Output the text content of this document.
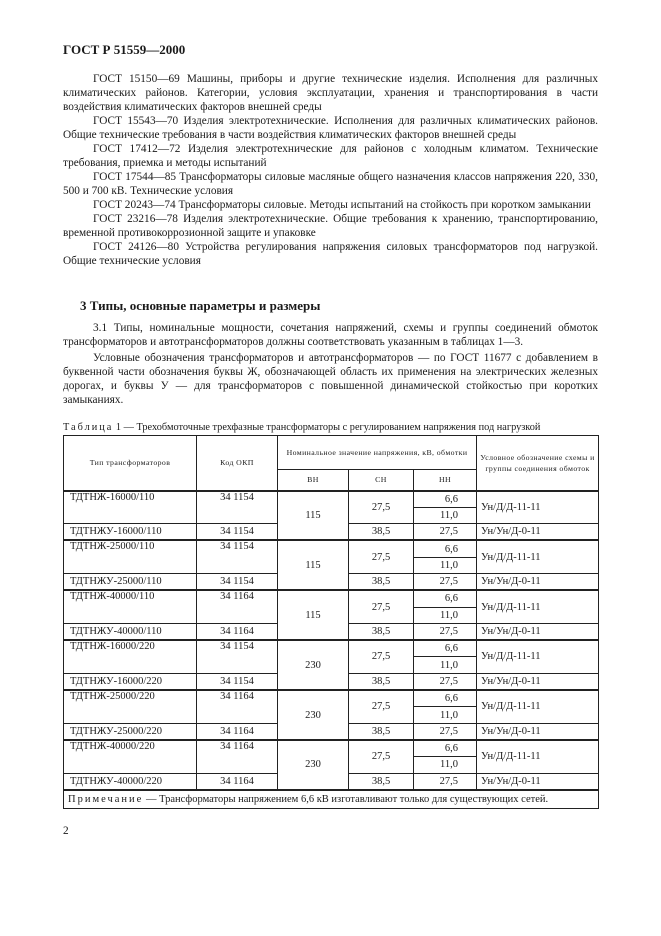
ГОСТ Р 51559—2000

ГОСТ 15150—69 Машины, приборы и другие технические изделия. Исполнения для различных климатических районов. Категории, условия эксплуатации, хранения и транспортирования в части воздействия климатических факторов внешней среды

ГОСТ 15543—70 Изделия электротехнические. Исполнения для различных климатических районов. Общие технические требования в части воздействия климатических факторов внешней среды

ГОСТ 17412—72 Изделия электротехнические для районов с холодным климатом. Технические требования, приемка и методы испытаний

ГОСТ 17544—85 Трансформаторы силовые масляные общего назначения классов напряжения 220, 330, 500 и 700 кВ. Технические условия

ГОСТ 20243—74 Трансформаторы силовые. Методы испытаний на стойкость при коротком замыкании

ГОСТ 23216—78 Изделия электротехнические. Общие требования к хранению, транспортированию, временной противокоррозионной защите и упаковке

ГОСТ 24126—80 Устройства регулирования напряжения силовых трансформаторов под нагрузкой. Общие технические условия

3 Типы, основные параметры и размеры

3.1 Типы, номинальные мощности, сочетания напряжений, схемы и группы соединений обмоток трансформаторов и автотрансформаторов должны соответствовать указанным в таблицах 1—3.

Условные обозначения трансформаторов и автотрансформаторов — по ГОСТ 11677 с добавлением в буквенной части обозначения буквы Ж, обозначающей область их применения на электрических железных дорогах, и буквы У — для трансформаторов с повышенной динамической стойкостью при коротких замыканиях.

Таблица 1 — Трехобмоточные трехфазные трансформаторы с регулированием напряжения под нагрузкой
Тип трансформаторов	Код ОКП	Номинальное значение напряжения, кВ, обмотки			Условное обозначение схемы и группы соединения обмоток
		ВН	СН	НН	
ТДТНЖ-16000/110	34 1154	115	27,5	6,6	Ун/Д/Д-11-11
				11,0	
ТДТНЖУ-16000/110	34 1154		38,5	27,5	Ун/Ун/Д-0-11
ТДТНЖ-25000/110	34 1154	115	27,5	6,6	Ун/Д/Д-11-11
				11,0	
ТДТНЖУ-25000/110	34 1154		38,5	27,5	Ун/Ун/Д-0-11
ТДТНЖ-40000/110	34 1164	115	27,5	6,6	Ун/Д/Д-11-11
				11,0	
ТДТНЖУ-40000/110	34 1164		38,5	27,5	Ун/Ун/Д-0-11
ТДТНЖ-16000/220	34 1154	230	27,5	6,6	Ун/Д/Д-11-11
				11,0	
ТДТНЖУ-16000/220	34 1154		38,5	27,5	Ун/Ун/Д-0-11
ТДТНЖ-25000/220	34 1164	230	27,5	6,6	Ун/Д/Д-11-11
				11,0	
ТДТНЖУ-25000/220	34 1164		38,5	27,5	Ун/Ун/Д-0-11
ТДТНЖ-40000/220	34 1164	230	27,5	6,6	Ун/Д/Д-11-11
				11,0	
ТДТНЖУ-40000/220	34 1164		38,5	27,5	Ун/Ун/Д-0-11
Примечание — Трансформаторы напряжением 6,6 кВ изготавливают только для существующих сетей.					
2
